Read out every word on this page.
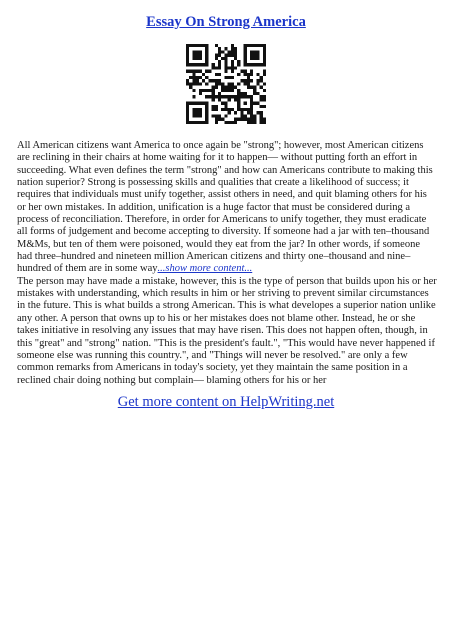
Essay On Strong America

All American citizens want America to once again be "strong"; however, most American citizens are reclining in their chairs at home waiting for it to happen— without putting forth an effort in succeeding. What even defines the term "strong" and how can Americans contribute to making this nation superior? Strong is possessing skills and qualities that create a likelihood of success; it requires that individuals must unify together, assist others in need, and quit blaming others for his or her own mistakes. In addition, unification is a huge factor that must be considered during a process of reconciliation. Therefore, in order for Americans to unify together, they must eradicate all forms of judgement and become accepting to diversity. If someone had a jar with ten–thousand M&Ms, but ten of them were poisoned, would they eat from the jar? In other words, if someone had three–hundred and nineteen million American citizens and thirty one–thousand and nine–hundred of them are in some way...show more content...

The person may have made a mistake, however, this is the type of person that builds upon his or her mistakes with understanding, which results in him or her striving to prevent similar circumstances in the future. This is what builds a strong American. This is what developes a superior nation unlike any other. A person that owns up to his or her mistakes does not blame other. Instead, he or she takes initiative in resolving any issues that may have risen. This does not happen often, though, in this "great" and "strong" nation. "This is the president's fault.", "This would have never happened if someone else was running this country.", and "Things will never be resolved." are only a few common remarks from Americans in today's society, yet they maintain the same position in a reclined chair doing nothing but complain— blaming others for his or her

Get more content on HelpWriting.net
